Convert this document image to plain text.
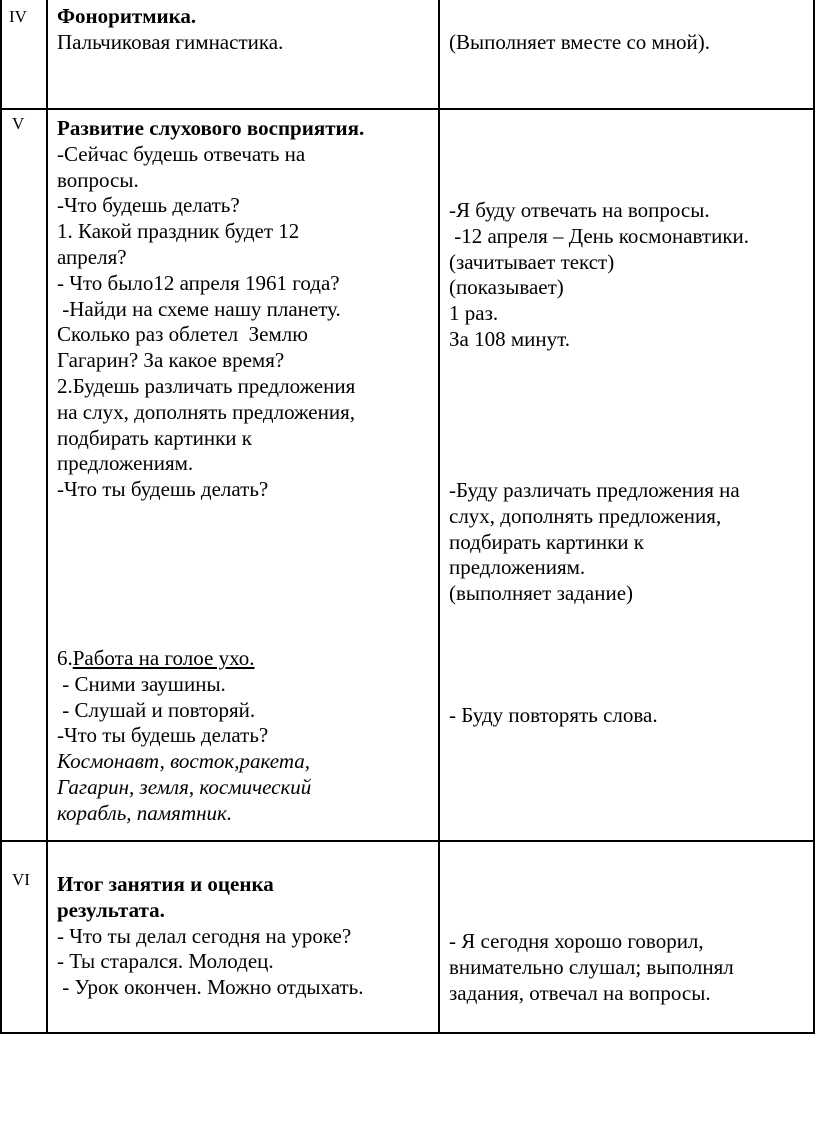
IV Фоноритмика.
Пальчиковая гимнастика.	(Выполняет вместе со мной).
V Развитие слухового восприятия.
-Сейчас будешь отвечать на
вопросы.
-Что будешь делать?
1. Какой праздник будет 12
апреля?
- Что было12 апреля 1961 года?
-Найди на схеме нашу планету.
Сколько раз облетел  Землю
Гагарин? За какое время?
2.Будешь различать предложения
на слух, дополнять предложения,
подбирать картинки к
предложениям.
-Что ты будешь делать?
6.Работа на голое ухо.
- Сними заушины.
- Слушай и повторяй.
-Что ты будешь делать?
Космонавт, восток,ракета,
Гагарин, земля, космический
корабль, памятник.
-Я буду отвечать на вопросы.
-12 апреля – День космонавтики.
(зачитывает текст)
(показывает)
1 раз.
За 108 минут.
-Буду различать предложения на
слух, дополнять предложения,
подбирать картинки к
предложениям.
(выполняет задание)
- Буду повторять слова.
VI Итог занятия и оценка
результата.
- Что ты делал сегодня на уроке?
- Ты старался. Молодец.
- Урок окончен. Можно отдыхать.
- Я сегодня хорошо говорил,
внимательно слушал; выполнял
задания, отвечал на вопросы.
